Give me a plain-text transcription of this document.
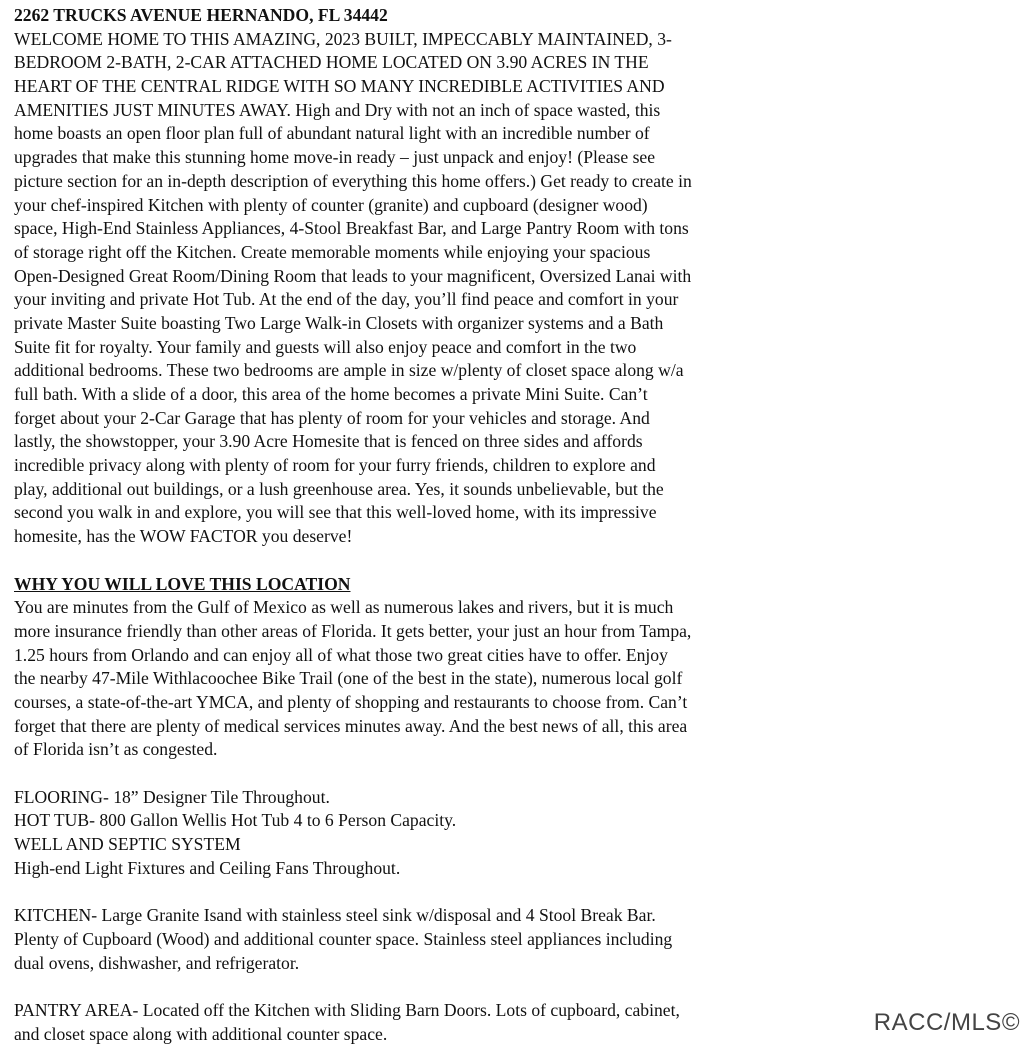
2262 TRUCKS AVENUE HERNANDO, FL 34442
WELCOME HOME TO THIS AMAZING, 2023 BUILT, IMPECCABLY MAINTAINED, 3-
BEDROOM 2-BATH, 2-CAR ATTACHED HOME LOCATED ON 3.90 ACRES IN THE
HEART OF THE CENTRAL RIDGE WITH SO MANY INCREDIBLE ACTIVITIES AND
AMENITIES JUST MINUTES AWAY. High and Dry with not an inch of space wasted, this
home boasts an open floor plan full of abundant natural light with an incredible number of
upgrades that make this stunning home move-in ready – just unpack and enjoy! (Please see
picture section for an in-depth description of everything this home offers.) Get ready to create in
your chef-inspired Kitchen with plenty of counter (granite) and cupboard (designer wood)
space, High-End Stainless Appliances, 4-Stool Breakfast Bar, and Large Pantry Room with tons
of storage right off the Kitchen. Create memorable moments while enjoying your spacious
Open-Designed Great Room/Dining Room that leads to your magnificent, Oversized Lanai with
your inviting and private Hot Tub. At the end of the day, you’ll find peace and comfort in your
private Master Suite boasting Two Large Walk-in Closets with organizer systems and a Bath
Suite fit for royalty. Your family and guests will also enjoy peace and comfort in the two
additional bedrooms. These two bedrooms are ample in size w/plenty of closet space along w/a
full bath. With a slide of a door, this area of the home becomes a private Mini Suite. Can’t
forget about your 2-Car Garage that has plenty of room for your vehicles and storage. And
lastly, the showstopper, your 3.90 Acre Homesite that is fenced on three sides and affords
incredible privacy along with plenty of room for your furry friends, children to explore and
play, additional out buildings, or a lush greenhouse area. Yes, it sounds unbelievable, but the
second you walk in and explore, you will see that this well-loved home, with its impressive
homesite, has the WOW FACTOR you deserve!
WHY YOU WILL LOVE THIS LOCATION
You are minutes from the Gulf of Mexico as well as numerous lakes and rivers, but it is much
more insurance friendly than other areas of Florida. It gets better, your just an hour from Tampa,
1.25 hours from Orlando and can enjoy all of what those two great cities have to offer. Enjoy
the nearby 47-Mile Withlacoochee Bike Trail (one of the best in the state), numerous local golf
courses, a state-of-the-art YMCA, and plenty of shopping and restaurants to choose from. Can’t
forget that there are plenty of medical services minutes away. And the best news of all, this area
of Florida isn’t as congested.
FLOORING- 18” Designer Tile Throughout.
HOT TUB- 800 Gallon Wellis Hot Tub 4 to 6 Person Capacity.
WELL AND SEPTIC SYSTEM
High-end Light Fixtures and Ceiling Fans Throughout.
KITCHEN- Large Granite Isand with stainless steel sink w/disposal and 4 Stool Break Bar.
Plenty of Cupboard (Wood) and additional counter space. Stainless steel appliances including
dual ovens, dishwasher, and refrigerator.
PANTRY AREA- Located off the Kitchen with Sliding Barn Doors. Lots of cupboard, cabinet,
and closet space along with additional counter space.	RACC/MLS©
